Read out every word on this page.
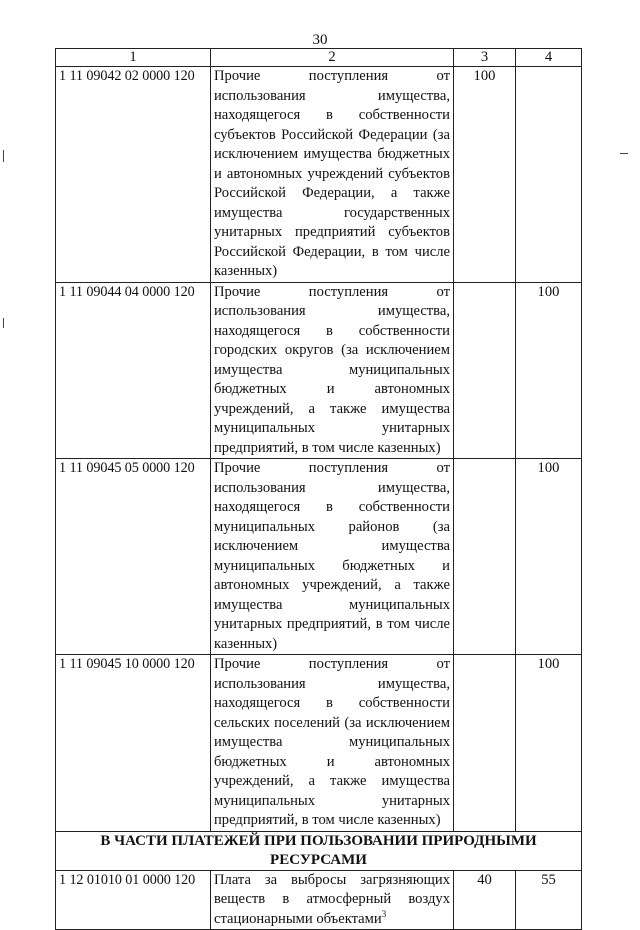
30
1	2	3	4
1 11 09042 02 0000 120	Прочие поступления от использования имущества, находящегося в собственности субъектов Российской Федерации (за исключением имущества бюджетных и автономных учреждений субъектов Российской Федерации, а также имущества государственных унитарных предприятий субъектов Российской Федерации, в том числе казенных)	100	
1 11 09044 04 0000 120	Прочие поступления от использования имущества, находящегося в собственности городских округов (за исключением имущества муниципальных бюджетных и автономных учреждений, а также имущества муниципальных унитарных предприятий, в том числе казенных)		100
1 11 09045 05 0000 120	Прочие поступления от использования имущества, находящегося в собственности муниципальных районов (за исключением имущества муниципальных бюджетных и автономных учреждений, а также имущества муниципальных унитарных предприятий, в том числе казенных)		100
1 11 09045 10 0000 120	Прочие поступления от использования имущества, находящегося в собственности сельских поселений (за исключением имущества муниципальных бюджетных и автономных учреждений, а также имущества муниципальных унитарных предприятий, в том числе казенных)		100
В ЧАСТИ ПЛАТЕЖЕЙ ПРИ ПОЛЬЗОВАНИИ ПРИРОДНЫМИ РЕСУРСАМИ			
1 12 01010 01 0000 120	Плата за выбросы загрязняющих веществ в атмосферный воздух стационарными объектами$^3$	40	55
